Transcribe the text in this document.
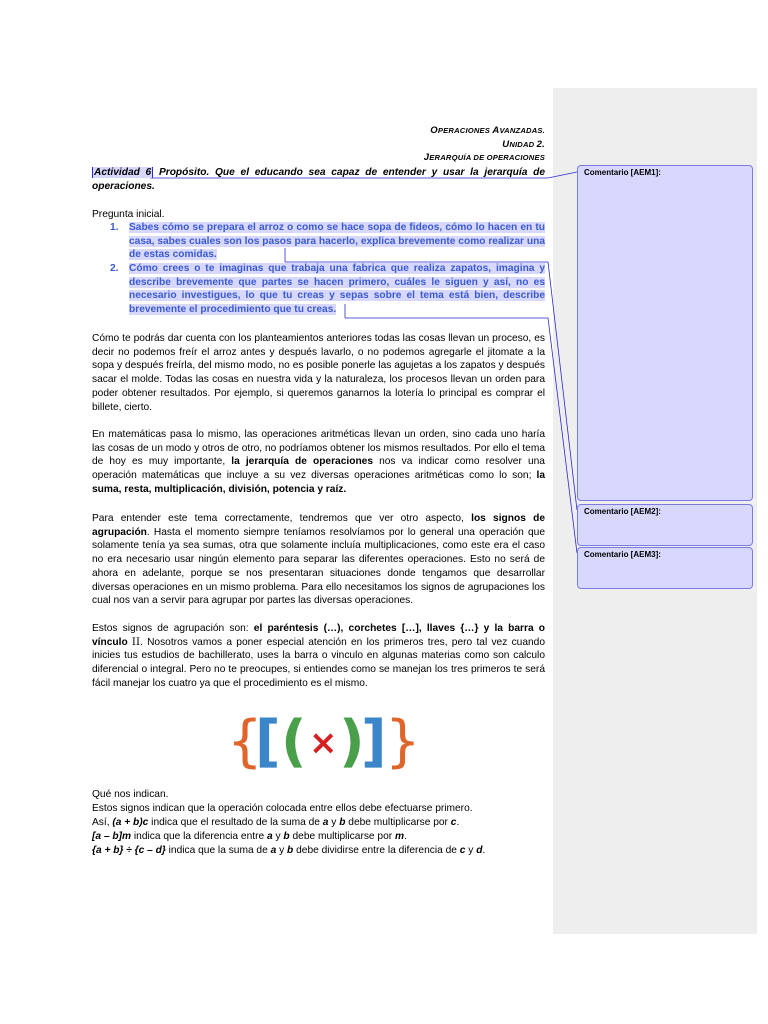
Comentario [AEM1]:
Comentario [AEM2]:
Comentario [AEM3]:
OPERACIONES AVANZADAS.
UNIDAD 2.
JERARQUÍA DE OPERACIONES
Actividad 6 Propósito. Que el educando sea capaz de entender y usar la jerarquía de operaciones.
Pregunta inicial.
1. Sabes cómo se prepara el arroz o como se hace sopa de fideos, cómo lo hacen en tu casa, sabes cuales son los pasos para hacerlo, explica brevemente como realizar una de estas comidas.
2. Cómo crees o te imaginas que trabaja una fabrica que realiza zapatos, imagina y describe brevemente que partes se hacen primero, cuáles le siguen y así, no es necesario investigues, lo que tu creas y sepas sobre el tema está bien, describe brevemente el procedimiento que tu creas.
Cómo te podrás dar cuenta con los planteamientos anteriores todas las cosas llevan un proceso, es decir no podemos freír el arroz antes y después lavarlo, o no podemos agregarle el jitomate a la sopa y después freírla, del mismo modo, no es posible ponerle las agujetas a los zapatos y después sacar el molde. Todas las cosas en nuestra vida y la naturaleza, los procesos llevan un orden para poder obtener resultados. Por ejemplo, si queremos ganarnos la lotería lo principal es comprar el billete, cierto.
En matemáticas pasa lo mismo, las operaciones aritméticas llevan un orden, sino cada uno haría las cosas de un modo y otros de otro, no podríamos obtener los mismos resultados. Por ello el tema de hoy es muy importante, la jerarquía de operaciones nos va indicar como resolver una operación matemáticas que incluye a su vez diversas operaciones aritméticas como lo son; la suma, resta, multiplicación, división, potencia y raíz.
Para entender este tema correctamente, tendremos que ver otro aspecto, los signos de agrupación. Hasta el momento siempre teníamos resolvíamos por lo general una operación que solamente tenía ya sea sumas, otra que solamente incluía multiplicaciones, como este era el caso no era necesario usar ningún elemento para separar las diferentes operaciones. Esto no será de ahora en adelante, porque se nos presentaran situaciones donde tengamos que desarrollar diversas operaciones en un mismo problema. Para ello necesitamos los signos de agrupaciones los cual nos van a servir para agrupar por partes las diversas operaciones.
Estos signos de agrupación son: el paréntesis (…), corchetes […], llaves {…} y la barra o vínculo II. Nosotros vamos a poner especial atención en los primeros tres, pero tal vez cuando inicies tus estudios de bachillerato, uses la barra o vinculo en algunas materias como son calculo diferencial o integral. Pero no te preocupes, si entiendes como se manejan los tres primeros te será fácil manejar los cuatro ya que el procedimiento es el mismo.
{
[ ( × )
]
}
Qué nos indican.
Estos signos indican que la operación colocada entre ellos debe efectuarse primero.
Así, (a + b)c indica que el resultado de la suma de a y b debe multiplicarse por c.
[a – b]m indica que la diferencia entre a y b debe multiplicarse por m.
{a + b} ÷ {c – d} indica que la suma de a y b debe dividirse entre la diferencia de c y d.
